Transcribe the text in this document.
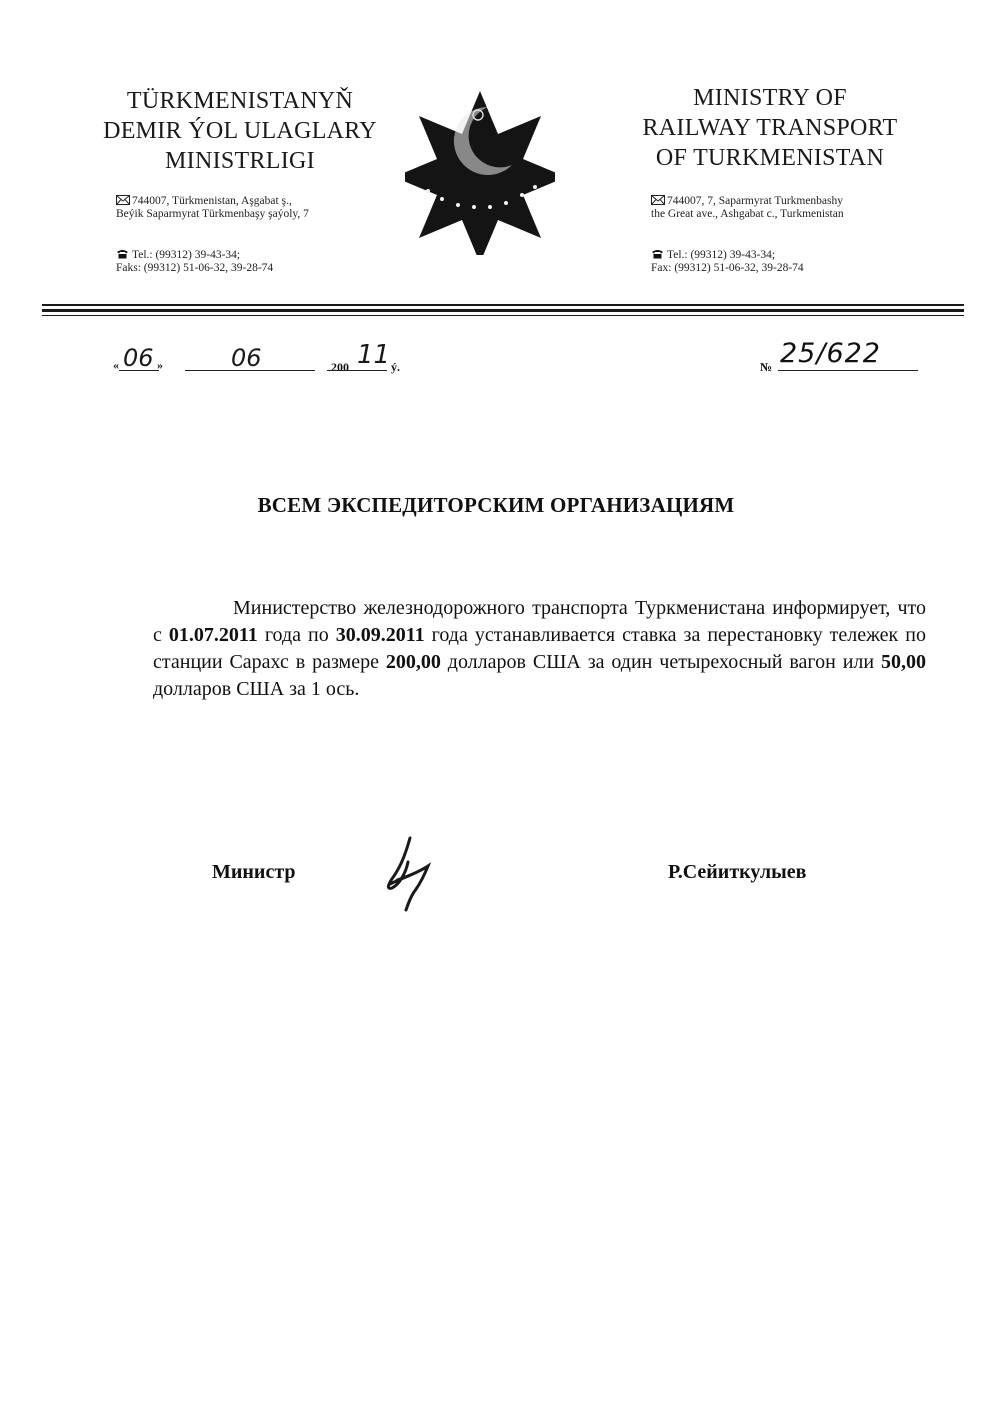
TÜRKMENISTANYŇ
DEMIR ÝOL ULAGLARY
MINISTRLIGI
744007, Türkmenistan, Aşgabat ş.,
Beýik Saparmyrat Türkmenbaşy şaýoly, 7
Tel.: (99312) 39-43-34;
Faks: (99312) 51-06-32, 39-28-74
MINISTRY OF
RAILWAY TRANSPORT
OF TURKMENISTAN
744007, 7, Saparmyrat Turkmenbashy
the Great ave., Ashgabat c., Turkmenistan
Tel.: (99312) 39-43-34;
Fax: (99312) 51-06-32, 39-28-74
« 06 »	06	200 11 ý.	№ 25/622
ВСЕМ ЭКСПЕДИТОРСКИМ ОРГАНИЗАЦИЯМ
Министерство железнодорожного транспорта Туркменистана информирует, что с 01.07.2011 года по 30.09.2011 года устанавливается ставка за перестановку тележек по станции Сарахс в размере 200,00 долларов США за один четырехосный вагон или 50,00 долларов США за 1 ось.
Министр	Р.Сейиткулыев
